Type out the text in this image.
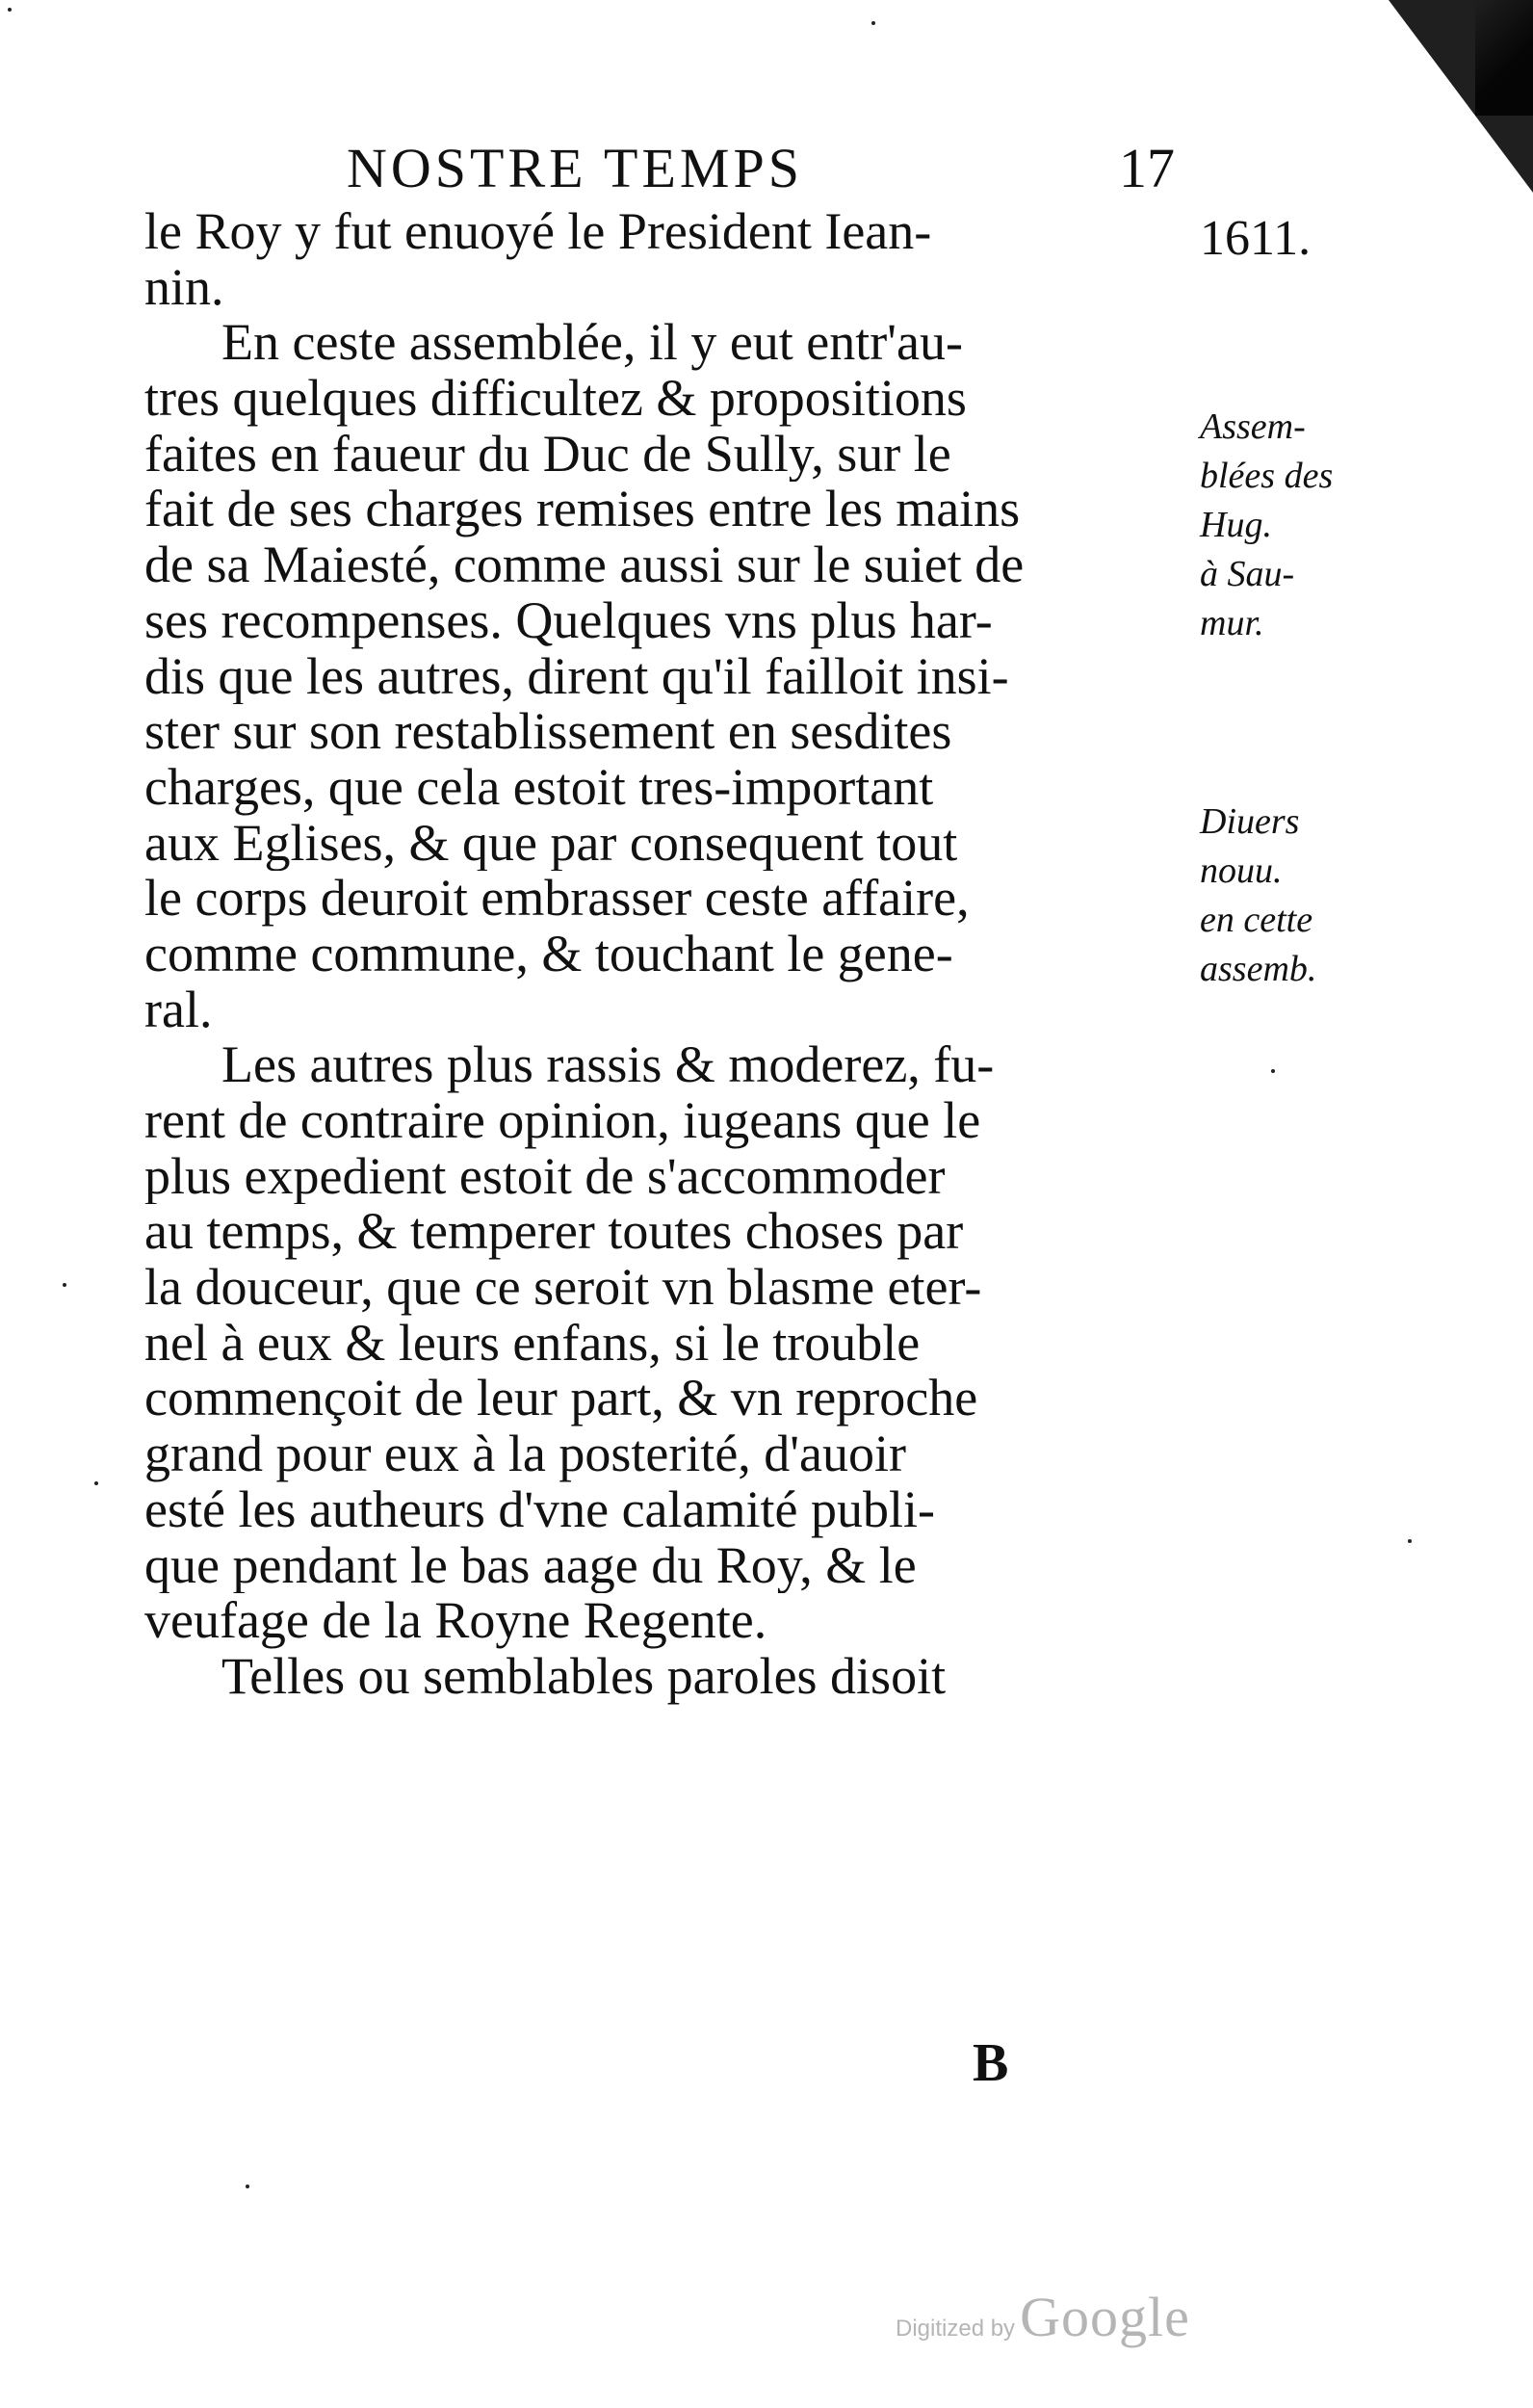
NOSTRE TEMPS	17
1611.
le Roy y fut enuoyé le President Iean-
nin.
En ceste assemblée, il y eut entr'au-
tres quelques difficultez & propositions
faites en faueur du Duc de Sully, sur le
fait de ses charges remises entre les mains
de sa Maiesté, comme aussi sur le suiet de
ses recompenses. Quelques vns plus har-
dis que les autres, dirent qu'il failloit insi-
ster sur son restablissement en sesdites
charges, que cela estoit tres-important
aux Eglises, & que par consequent tout
le corps deuroit embrasser ceste affaire,
comme commune, & touchant le gene-
ral.
Les autres plus rassis & moderez, fu-
rent de contraire opinion, iugeans que le
plus expedient estoit de s'accommoder
au temps, & temperer toutes choses par
la douceur, que ce seroit vn blasme eter-
nel à eux & leurs enfans, si le trouble
commençoit de leur part, & vn reproche
grand pour eux à la posterité, d'auoir
esté les autheurs d'vne calamité publi-
que pendant le bas aage du Roy, & le
veufage de la Royne Regente.
Telles ou semblables paroles disoit
Assem-
blées des
Hug.
à Sau-
mur.
Diuers
nouu.
en cette
assemb.
B
Digitized by Google
